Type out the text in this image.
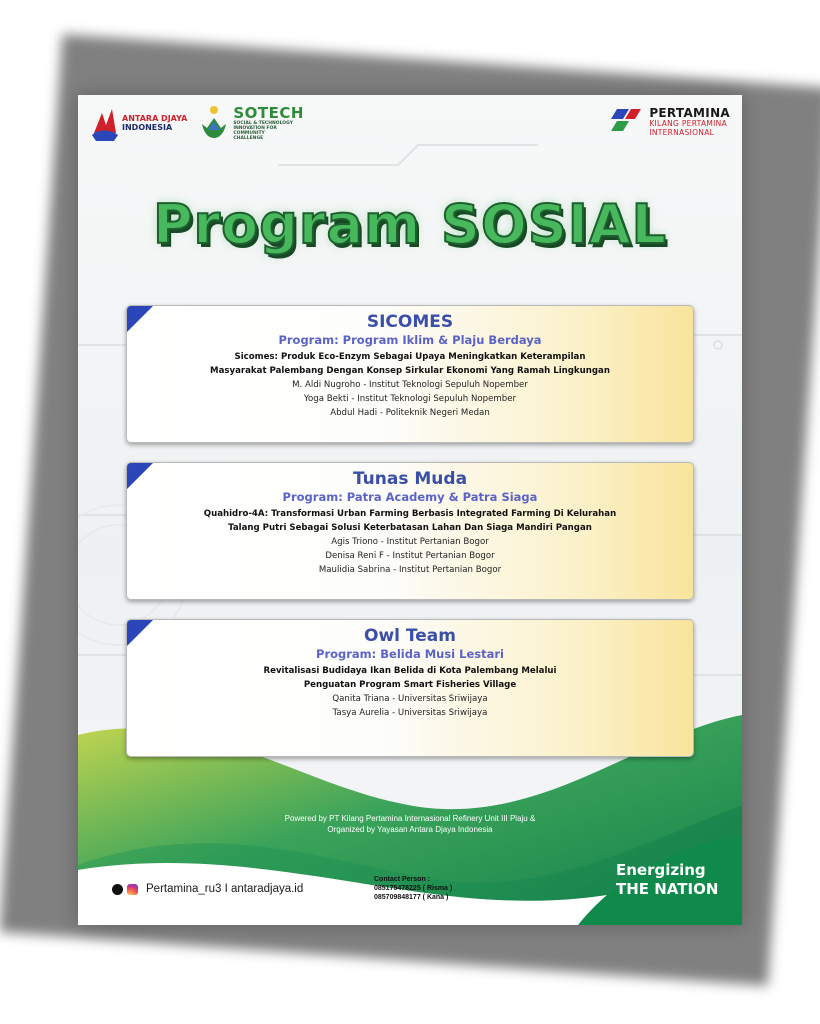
ANTARA DJAYA
INDONESIA
SOTECH
SOCIAL & TECHNOLOGY INNOVATION FOR COMMUNITY CHALLENGE
PERTAMINA
KILANG PERTAMINA
INTERNASIONAL
Program SOSIAL
SICOMES
Program: Program Iklim & Plaju Berdaya
Sicomes: Produk Eco-Enzym Sebagai Upaya Meningkatkan Keterampilan
Masyarakat Palembang Dengan Konsep Sirkular Ekonomi Yang Ramah Lingkungan
M. Aldi Nugroho - Institut Teknologi Sepuluh Nopember
Yoga Bekti - Institut Teknologi Sepuluh Nopember
Abdul Hadi - Politeknik Negeri Medan
Tunas Muda
Program: Patra Academy & Patra Siaga
Quahidro-4A: Transformasi Urban Farming Berbasis Integrated Farming Di Kelurahan
Talang Putri Sebagai Solusi Keterbatasan Lahan Dan Siaga Mandiri Pangan
Agis Triono - Institut Pertanian Bogor
Denisa Reni F - Institut Pertanian Bogor
Maulidia Sabrina - Institut Pertanian Bogor
Owl Team
Program: Belida Musi Lestari
Revitalisasi Budidaya Ikan Belida di Kota Palembang Melalui
Penguatan Program Smart Fisheries Village
Qanita Triana - Universitas Sriwijaya
Tasya Aurelia - Universitas Sriwijaya
Powered by PT Kilang Pertamina Internasional Refinery Unit III Plaju &
Organized by Yayasan Antara Djaya Indonesia
Pertamina_ru3 I antaradjaya.id
Contact Person :
085175478225 ( Risma )
085709848177 ( Kana )
Energizing
THE NATION
